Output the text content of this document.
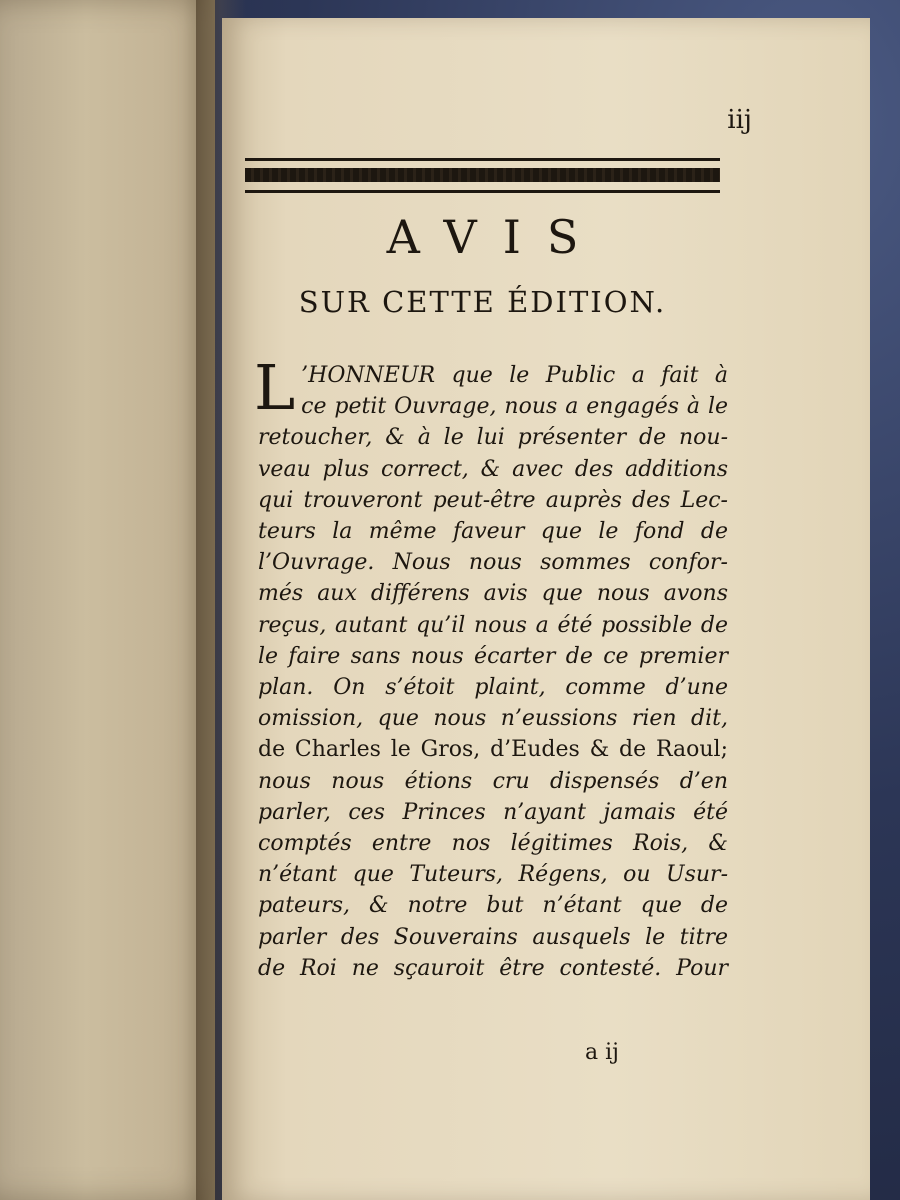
iij
AVIS
SUR CETTE ÉDITION.
L ’HONNEUR que le Public a fait à
ce petit Ouvrage, nous a engagés à le
retoucher, & à le lui présenter de nou-
veau plus correct, & avec des additions
qui trouveront peut-être auprès des Lec-
teurs la même faveur que le fond de
l’Ouvrage. Nous nous sommes confor-
més aux différens avis que nous avons
reçus, autant qu’il nous a été possible de
le faire sans nous écarter de ce premier
plan. On s’étoit plaint, comme d’une
omission, que nous n’eussions rien dit,
de Charles le Gros, d’Eudes & de Raoul;
nous nous étions cru dispensés d’en
parler, ces Princes n’ayant jamais été
comptés entre nos légitimes Rois, &
n’étant que Tuteurs, Régens, ou Usur-
pateurs, & notre but n’étant que de
parler des Souverains ausquels le titre
de Roi ne sçauroit être contesté. Pour
a ij
